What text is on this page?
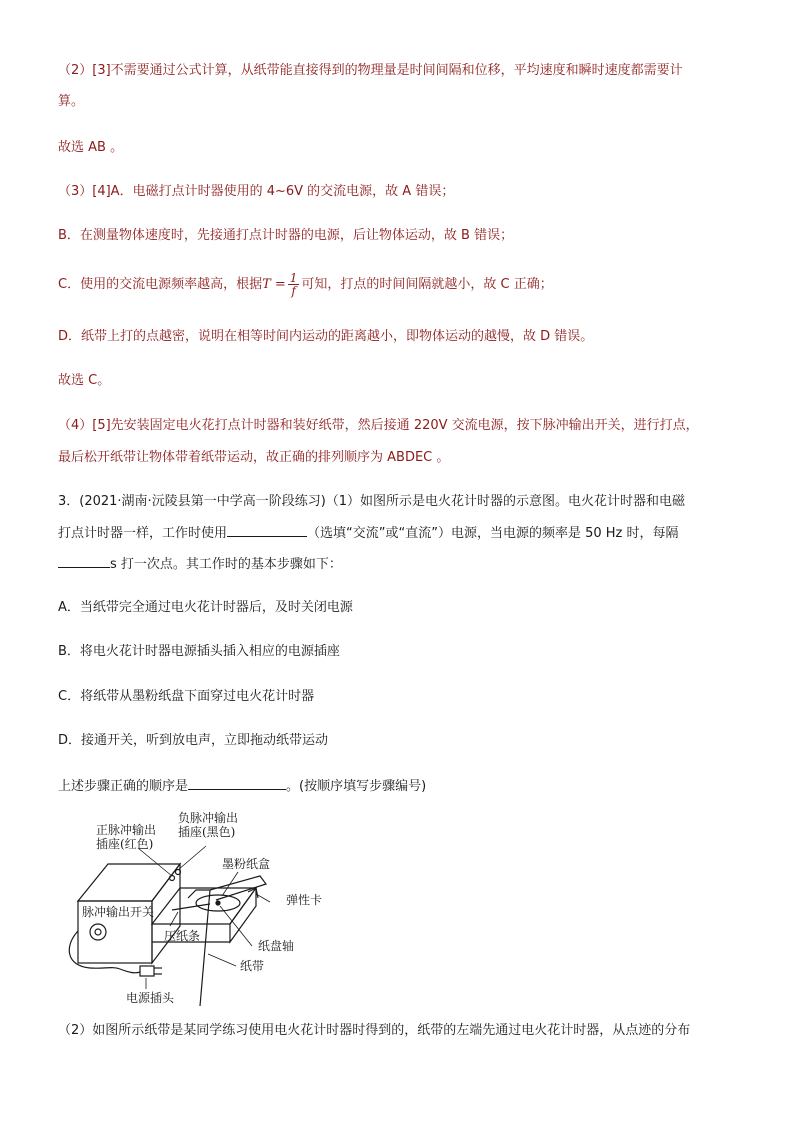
（2）[3]不需要通过公式计算，从纸带能直接得到的物理量是时间间隔和位移，平均速度和瞬时速度都需要计
算。
故选 AB 。
（3）[4]A．电磁打点计时器使用的 4~6V 的交流电源，故 A 错误；
B．在测量物体速度时，先接通打点计时器的电源，后让物体运动，故 B 错误；
C．使用的交流电源频率越高，根据$T = \frac{1}{f}$ 可知，打点的时间间隔就越小，故 C 正确；
D．纸带上打的点越密，说明在相等时间内运动的距离越小，即物体运动的越慢，故 D 错误。
故选 C。
（4）[5]先安装固定电火花打点计时器和装好纸带，然后接通 220V 交流电源，按下脉冲输出开关，进行打点，
最后松开纸带让物体带着纸带运动，故正确的排列顺序为 ABDEC 。
3．(2021·湖南·沅陵县第一中学高一阶段练习)（1）如图所示是电火花计时器的示意图。电火花计时器和电磁
打点计时器一样，工作时使用	（选填“交流”或“直流”）电源，当电源的频率是 50 Hz 时，每隔
s 打一次点。其工作时的基本步骤如下：
A．当纸带完全通过电火花计时器后，及时关闭电源
B．将电火花计时器电源插头插入相应的电源插座
C．将纸带从墨粉纸盘下面穿过电火花计时器
D．接通开关，听到放电声，立即拖动纸带运动
上述步骤正确的顺序是	。(按顺序填写步骤编号)
正脉冲输出
插座(红色)
负脉冲输出
插座(黑色)
墨粉纸盒
弹性卡
脉冲输出开关
压纸条
纸盘轴
纸带
电源插头
（2）如图所示纸带是某同学练习使用电火花计时器时得到的，纸带的左端先通过电火花计时器，从点迹的分布
